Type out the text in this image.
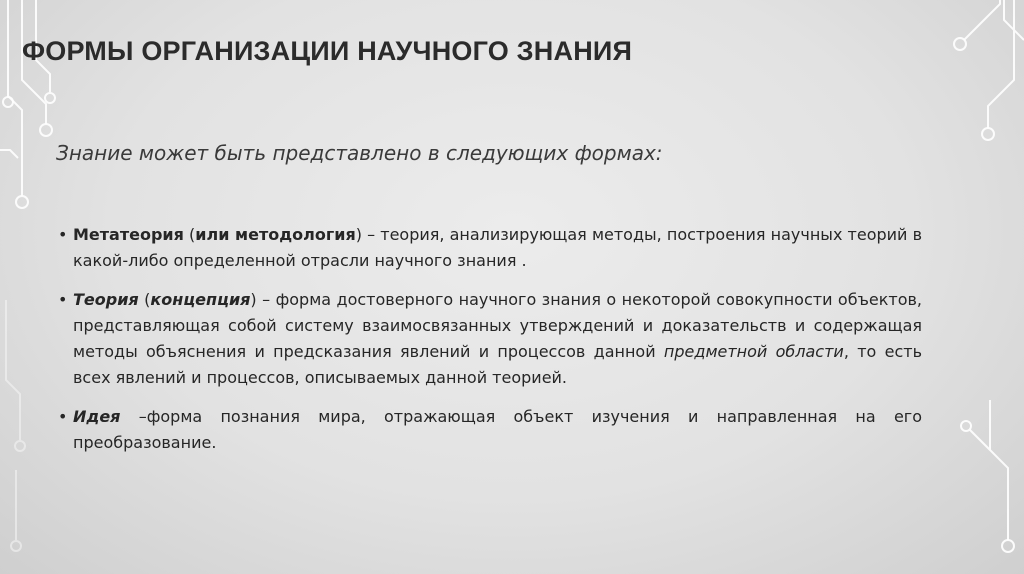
ФОРМЫ ОРГАНИЗАЦИИ НАУЧНОГО ЗНАНИЯ
Знание может быть представлено в следующих формах:
• Метатеория (или методология) – теория, анализирующая методы, построения научных теорий в какой-либо определенной отрасли научного знания .
• Теория (концепция) – форма достоверного научного знания о некоторой совокупности объектов, представляющая собой систему взаимосвязанных утверждений и доказательств и содержащая методы объяснения и предсказания явлений и процессов данной предметной области, то есть всех явлений и процессов, описываемых данной теорией.
• Идея –форма познания мира, отражающая объект изучения и направленная на его преобразование.
